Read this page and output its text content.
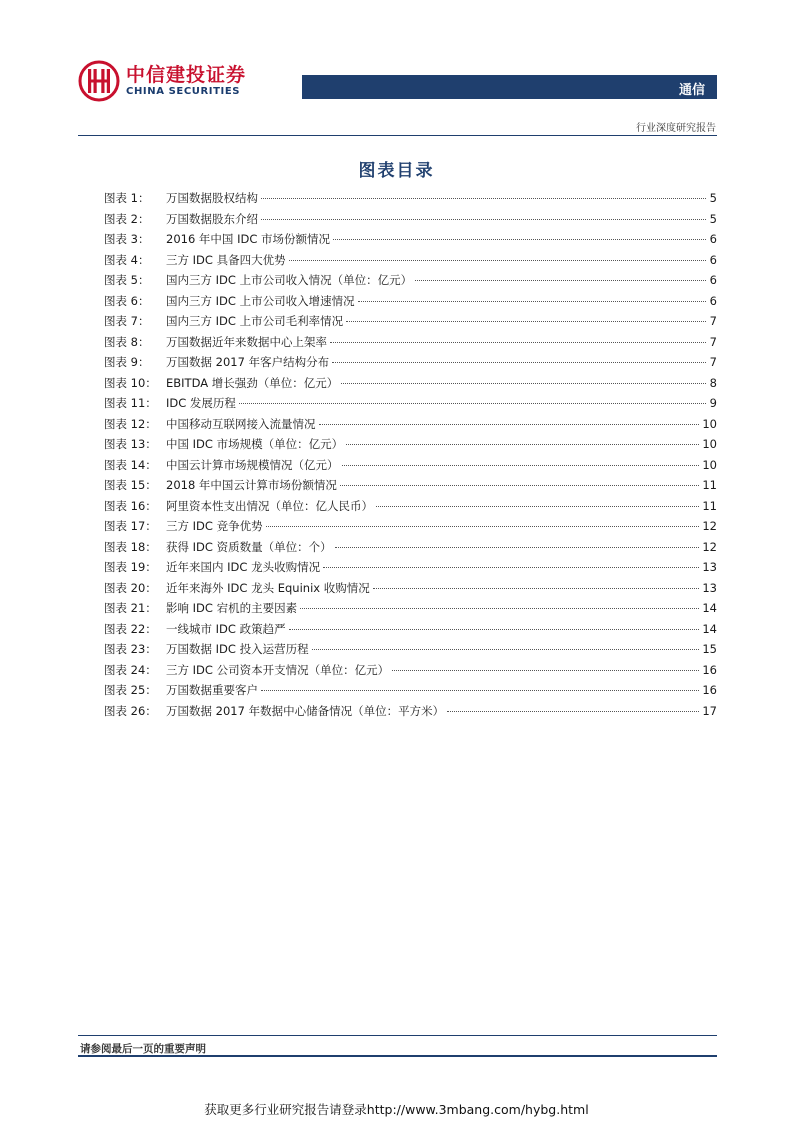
中信建投证券
CHINA SECURITIES	通信
行业深度研究报告
图表目录
图表 1：	万国数据股权结构	5
图表 2：	万国数据股东介绍	5
图表 3：	2016 年中国 IDC 市场份额情况	6
图表 4：	三方 IDC 具备四大优势	6
图表 5：	国内三方 IDC 上市公司收入情况（单位：亿元）	6
图表 6：	国内三方 IDC 上市公司收入增速情况	6
图表 7：	国内三方 IDC 上市公司毛利率情况	7
图表 8：	万国数据近年来数据中心上架率	7
图表 9：	万国数据 2017 年客户结构分布	7
图表 10： EBITDA 增长强劲（单位：亿元）	8
图表 11： IDC 发展历程	9
图表 12： 中国移动互联网接入流量情况	10
图表 13： 中国 IDC 市场规模（单位：亿元）	10
图表 14： 中国云计算市场规模情况（亿元）	10
图表 15： 2018 年中国云计算市场份额情况	11
图表 16： 阿里资本性支出情况（单位：亿人民币）	11
图表 17： 三方 IDC 竞争优势	12
图表 18： 获得 IDC 资质数量（单位：个）	12
图表 19： 近年来国内 IDC 龙头收购情况	13
图表 20： 近年来海外 IDC 龙头 Equinix 收购情况	13
图表 21： 影响 IDC 宕机的主要因素	14
图表 22： 一线城市 IDC 政策趋严	14
图表 23： 万国数据 IDC 投入运营历程	15
图表 24： 三方 IDC 公司资本开支情况（单位：亿元）	16
图表 25： 万国数据重要客户	16
图表 26： 万国数据 2017 年数据中心储备情况（单位：平方米）	17
请参阅最后一页的重要声明
获取更多行业研究报告请登录http://www.3mbang.com/hybg.html
